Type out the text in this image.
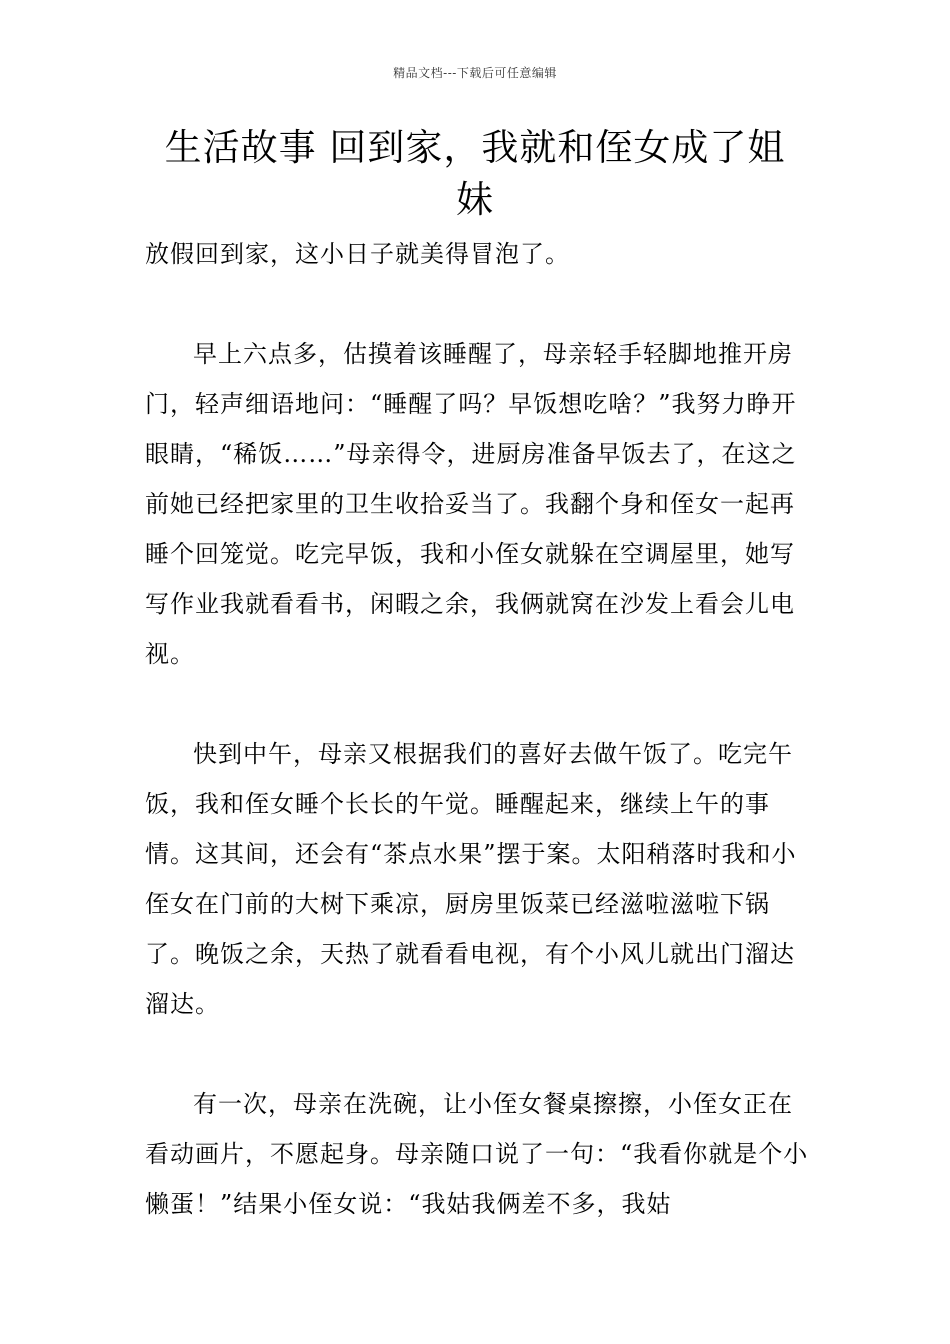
精品文档---下载后可任意编辑
生活故事 回到家，我就和侄女成了姐妹

放假回到家，这小日子就美得冒泡了。

早上六点多，估摸着该睡醒了，母亲轻手轻脚地推开房门，轻声细语地问：“睡醒了吗？早饭想吃啥？”我努力睁开眼睛，“稀饭……”母亲得令，进厨房准备早饭去了，在这之前她已经把家里的卫生收拾妥当了。我翻个身和侄女一起再睡个回笼觉。吃完早饭，我和小侄女就躲在空调屋里，她写写作业我就看看书，闲暇之余，我俩就窝在沙发上看会儿电视。

快到中午，母亲又根据我们的喜好去做午饭了。吃完午饭，我和侄女睡个长长的午觉。睡醒起来，继续上午的事情。这其间，还会有“茶点水果”摆于案。太阳稍落时我和小侄女在门前的大树下乘凉，厨房里饭菜已经滋啦滋啦下锅了。晚饭之余，天热了就看看电视，有个小风儿就出门溜达溜达。

有一次，母亲在洗碗，让小侄女餐桌擦擦，小侄女正在看动画片，不愿起身。母亲随口说了一句：“我看你就是个小懒蛋！”结果小侄女说：“我姑我俩差不多，我姑
